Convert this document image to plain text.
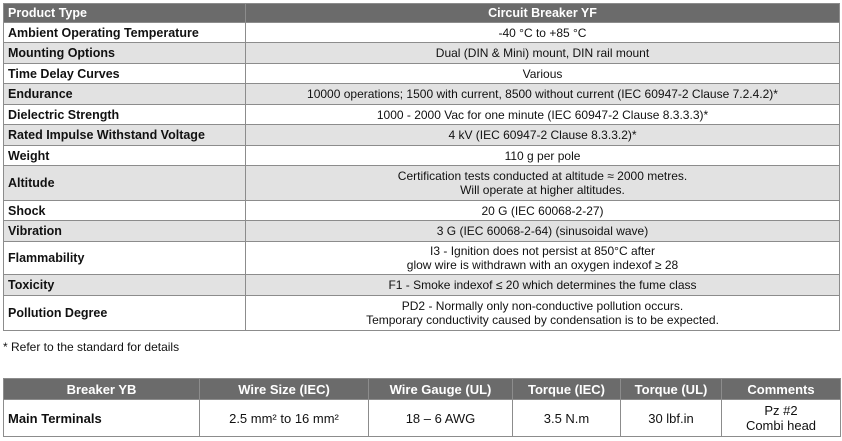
Product Type	Circuit Breaker YF
Ambient Operating Temperature	-40 °C to +85 °C
Mounting Options	Dual (DIN & Mini) mount, DIN rail mount
Time Delay Curves	Various
Endurance	10000 operations; 1500 with current, 8500 without current (IEC 60947-2 Clause 7.2.4.2)*
Dielectric Strength	1000 - 2000 Vac for one minute (IEC 60947-2 Clause 8.3.3.3)*
Rated Impulse Withstand Voltage	4 kV (IEC 60947-2 Clause 8.3.3.2)*
Weight	110 g per pole
Altitude	Certification tests conducted at altitude ≈ 2000 metres.
Will operate at higher altitudes.

Shock	20 G (IEC 60068-2-27)
Vibration	3 G (IEC 60068-2-64) (sinusoidal wave)
Flammability	I3 - Ignition does not persist at 850°C after
glow wire is withdrawn with an oxygen indexof ≥ 28

Toxicity	F1 - Smoke indexof ≤ 20 which determines the fume class
Pollution Degree	PD2 - Normally only non-conductive pollution occurs.
Temporary conductivity caused by condensation is to be expected.
* Refer to the standard for details
Breaker YB	Wire Size (IEC)	Wire Gauge (UL)	Torque (IEC)	Torque (UL)	Comments
Main Terminals	2.5 mm² to 16 mm²	18 – 6 AWG	3.5 N.m	30 lbf.in	Pz #2
Combi head
